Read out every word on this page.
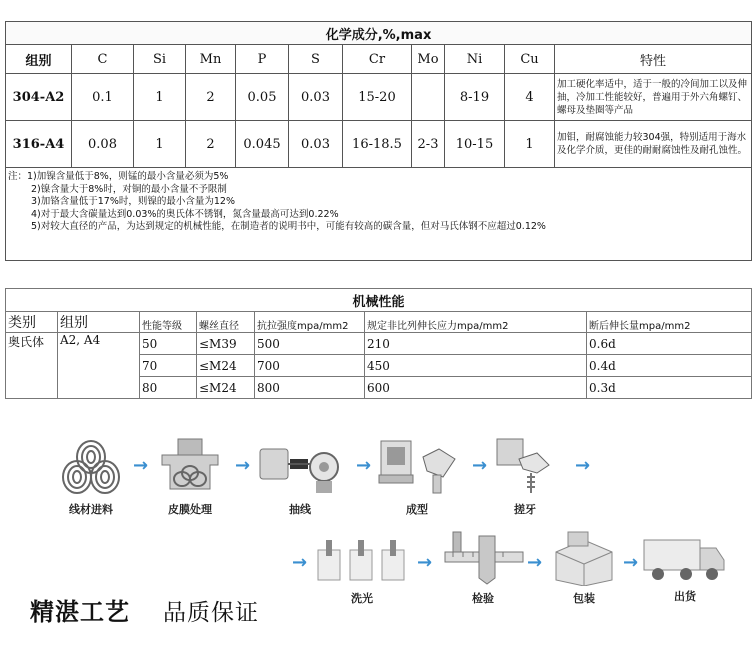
化学成分,%,max										
组别	C	Si	Mn	P	S	Cr	Mo	Ni	Cu	特性
304-A2	0.1	1	2	0.05	0.03	15-20		8-19	4	加工硬化率适中，适于一般的冷间加工以及伸抽，冷加工性能较好，普遍用于外六角螺钉、螺母及垫圈等产品
316-A4	0.08	1	2	0.045	0.03	16-18.5	2-3	10-15	1	加钼，耐腐蚀能力较304强，特别适用于海水及化学介质，更佳的耐耐腐蚀性及耐孔蚀性。

注：1)加镍含量低于8%，则锰的最小含量必须为5%
2)镍含量大于8%时，对铜的最小含量不予限制
3)加铬含量低于17%时，则镍的最小含量为12%
4)对于最大含碳量达到0.03%的奥氏体不锈钢，氮含量最高可达到0.22%
5)对较大直径的产品，为达到规定的机械性能，在制造者的说明书中，可能有较高的碳含量，但对马氏体钢不应超过0.12%										
机械性能						
类别	组别	性能等级	螺丝直径	抗拉强度mpa/mm2	规定非比列伸长应力mpa/mm2	断后伸长量mpa/mm2
奥氏体	A2, A4	50	≤M39	500	210	0.6d
		70	≤M24	700	450	0.4d
		80	≤M24	800	600	0.3d
线材进料
→
皮膜处理
→
抽线
→
成型
→
搓牙
→
→
洗光
→
检验
→
包装
→
出货
精湛工艺 品质保证
